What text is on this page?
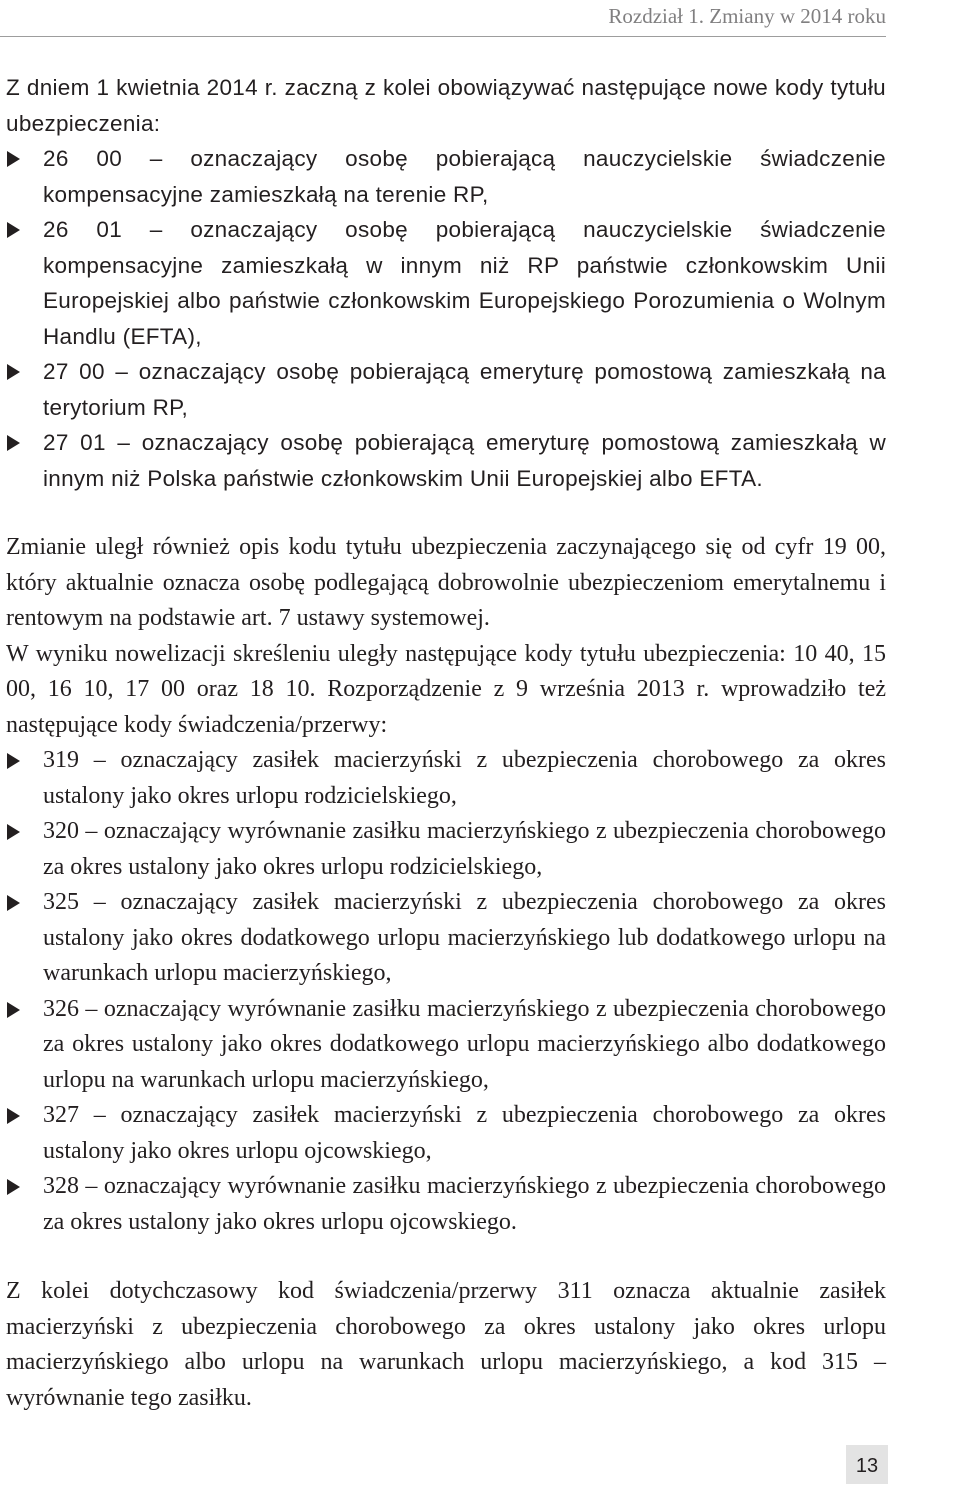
Rozdział 1. Zmiany w 2014 roku

Z dniem 1 kwietnia 2014 r. zaczną z kolei obowiązywać następujące nowe kody tytułu ubezpieczenia:

26 00 – oznaczający osobę pobierającą nauczycielskie świadczenie kompensacyjne zamieszkałą na terenie RP,
26 01 – oznaczający osobę pobierającą nauczycielskie świadczenie kompensacyjne zamieszkałą w innym niż RP państwie członkowskim Unii Europejskiej albo państwie członkowskim Europejskiego Porozumienia o Wolnym Handlu (EFTA),
27 00 – oznaczający osobę pobierającą emeryturę pomostową zamieszkałą na terytorium RP,
27 01 – oznaczający osobę pobierającą emeryturę pomostową zamieszkałą w innym niż Polska państwie członkowskim Unii Europejskiej albo EFTA.

Zmianie uległ również opis kodu tytułu ubezpieczenia zaczynającego się od cyfr 19 00, który aktualnie oznacza osobę podlegającą dobrowolnie ubezpieczeniom emerytalnemu i rentowym na podstawie art. 7 ustawy systemowej.

W wyniku nowelizacji skreśleniu uległy następujące kody tytułu ubezpieczenia: 10 40, 15 00, 16 10, 17 00 oraz 18 10. Rozporządzenie z 9 września 2013 r. wprowadziło też następujące kody świadczenia/przerwy:

319 – oznaczający zasiłek macierzyński z ubezpieczenia chorobowego za okres ustalony jako okres urlopu rodzicielskiego,
320 – oznaczający wyrównanie zasiłku macierzyńskiego z ubezpieczenia chorobowego za okres ustalony jako okres urlopu rodzicielskiego,
325 – oznaczający zasiłek macierzyński z ubezpieczenia chorobowego za okres ustalony jako okres dodatkowego urlopu macierzyńskiego lub dodatkowego urlopu na warunkach urlopu macierzyńskiego,
326 – oznaczający wyrównanie zasiłku macierzyńskiego z ubezpieczenia chorobowego za okres ustalony jako okres dodatkowego urlopu macierzyńskiego albo dodatkowego urlopu na warunkach urlopu macierzyńskiego,
327 – oznaczający zasiłek macierzyński z ubezpieczenia chorobowego za okres ustalony jako okres urlopu ojcowskiego,
328 – oznaczający wyrównanie zasiłku macierzyńskiego z ubezpieczenia chorobowego za okres ustalony jako okres urlopu ojcowskiego.

Z kolei dotychczasowy kod świadczenia/przerwy 311 oznacza aktualnie zasiłek macierzyński z ubezpieczenia chorobowego za okres ustalony jako okres urlopu macierzyńskiego albo urlopu na warunkach urlopu macierzyńskiego, a kod 315 – wyrównanie tego zasiłku.

13
